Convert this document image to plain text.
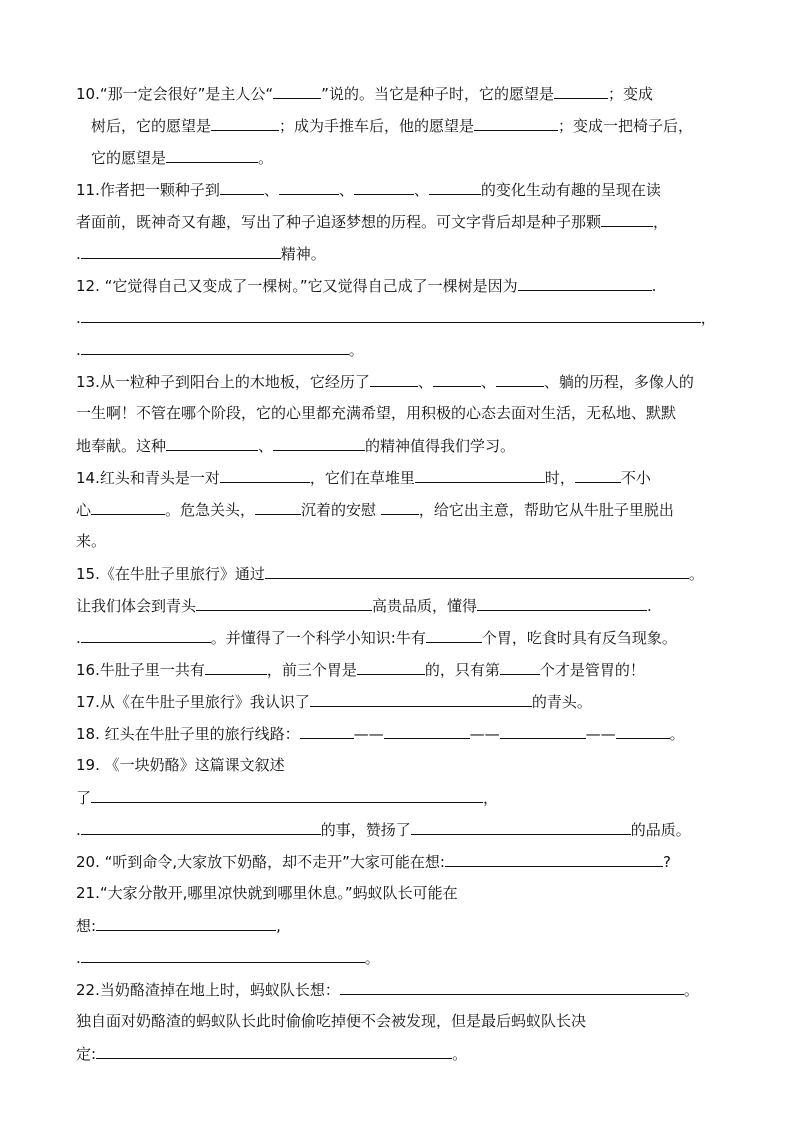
10.“那一定会很好”是主人公“	”说的。当它是种子时，它的愿望是	；变成
树后，它的愿望是	；成为手推车后，他的愿望是	；变成一把椅子后，
它的愿望是	。
11.作者把一颗种子到	、	、	、	的变化生动有趣的呈现在读
者面前，既神奇又有趣，写出了种子追逐梦想的历程。可文字背后却是种子那颗	，
.	精神。
12. “它觉得自己又变成了一棵树。”它又觉得自己成了一棵树是因为	.
.	，
.	。
13.从一粒种子到阳台上的木地板，它经历了	、	、	、躺的历程，多像人的
一生啊！不管在哪个阶段，它的心里都充满希望，用积极的心态去面对生活，无私地、默默
地奉献。这种	、	的精神值得我们学习。
14.红头和青头是一对	，它们在草堆里	时，	不小
心	。危急关头，	沉着的安慰	，给它出主意，帮助它从牛肚子里脱出
来。
15.《在牛肚子里旅行》通过	。
让我们体会到青头	高贵品质，懂得	.
.	。并懂得了一个科学小知识:牛有	个胃，吃食时具有反刍现象。
16.牛肚子里一共有	，前三个胃是	的，只有第	个才是管胃的！
17.从《在牛肚子里旅行》我认识了	的青头。
18. 红头在牛肚子里的旅行线路：	——	——	——	。
19. 《一块奶酪》这篇课文叙述
了	，
.	的事，赞扬了	的品质。
20. “听到命令,大家放下奶酪，却不走开”大家可能在想:	?
21.“大家分散开,哪里凉快就到哪里休息。”蚂蚁队长可能在
想:	,
.	。
22.当奶酪渣掉在地上时，蚂蚁队长想：	。
独自面对奶酪渣的蚂蚁队长此时偷偷吃掉便不会被发现，但是最后蚂蚁队长决
定:	。
